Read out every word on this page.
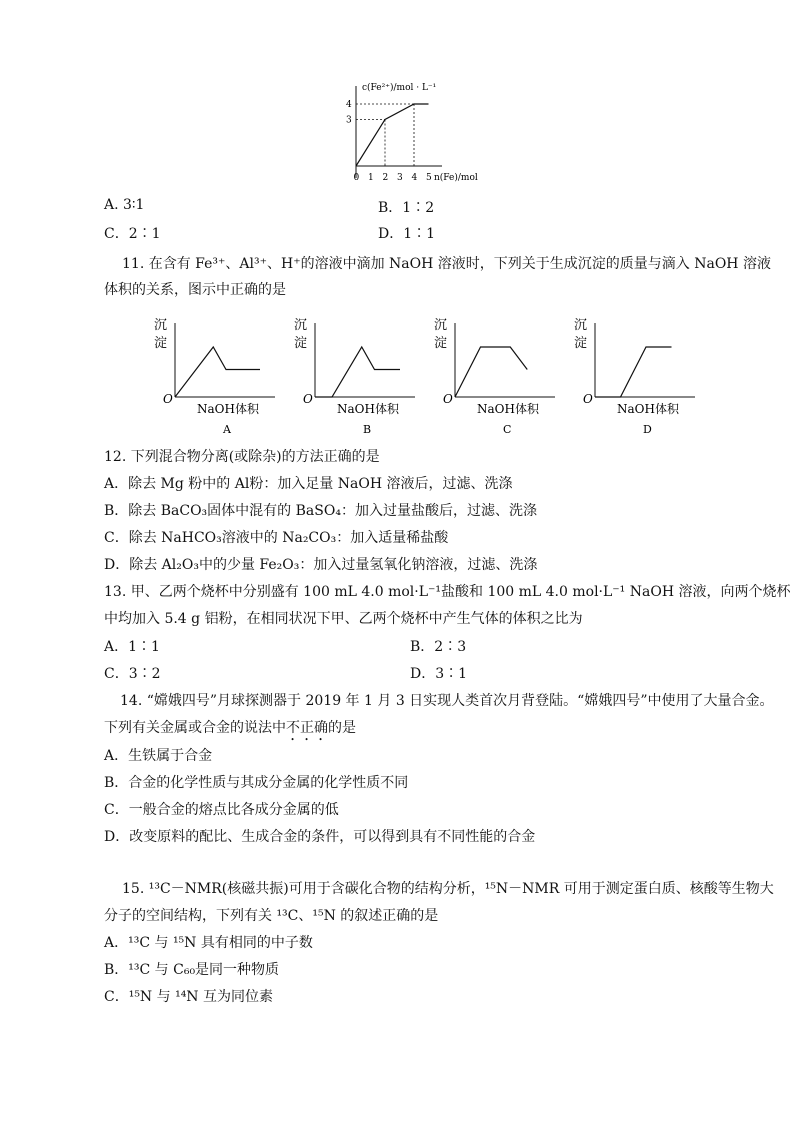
c(Fe²⁺)/mol · L⁻¹
n(Fe)/mol
0 1 2 3 4 5
3
4
A. 3∶1	B．1∶2
C．2∶1	D．1∶1
11. 在含有 Fe³⁺、Al³⁺、H⁺的溶液中滴加 NaOH 溶液时，下列关于生成沉淀的质量与滴入 NaOH 溶液
体积的关系，图示中正确的是
沉
淀
O
NaOH体积
A
沉
淀
O
NaOH体积
B
沉
淀
O
NaOH体积
C
沉
淀
O
NaOH体积
D
12. 下列混合物分离(或除杂)的方法正确的是
A．除去 Mg 粉中的 Al粉：加入足量 NaOH 溶液后，过滤、洗涤
B．除去 BaCO₃固体中混有的 BaSO₄：加入过量盐酸后，过滤、洗涤
C．除去 NaHCO₃溶液中的 Na₂CO₃：加入适量稀盐酸
D．除去 Al₂O₃中的少量 Fe₂O₃：加入过量氢氧化钠溶液，过滤、洗涤
13. 甲、乙两个烧杯中分别盛有 100 mL 4.0 mol·L⁻¹盐酸和 100 mL 4.0 mol·L⁻¹ NaOH 溶液，向两个烧杯
中均加入 5.4 g 铝粉，在相同状况下甲、乙两个烧杯中产生气体的体积之比为
A．1∶1	B．2∶3
C．3∶2	D．3∶1
14. “嫦娥四号”月球探测器于 2019 年 1 月 3 日实现人类首次月背登陆。“嫦娥四号”中使用了大量合金。
下列有关金属或合金的说法中不正确的是
A．生铁属于合金
B．合金的化学性质与其成分金属的化学性质不同
C．一般合金的熔点比各成分金属的低
D．改变原料的配比、生成合金的条件，可以得到具有不同性能的合金
15. ¹³C－NMR(核磁共振)可用于含碳化合物的结构分析，¹⁵N－NMR 可用于测定蛋白质、核酸等生物大
分子的空间结构，下列有关 ¹³C、¹⁵N 的叙述正确的是
A．¹³C 与 ¹⁵N 具有相同的中子数
B．¹³C 与 C₆₀是同一种物质
C．¹⁵N 与 ¹⁴N 互为同位素
